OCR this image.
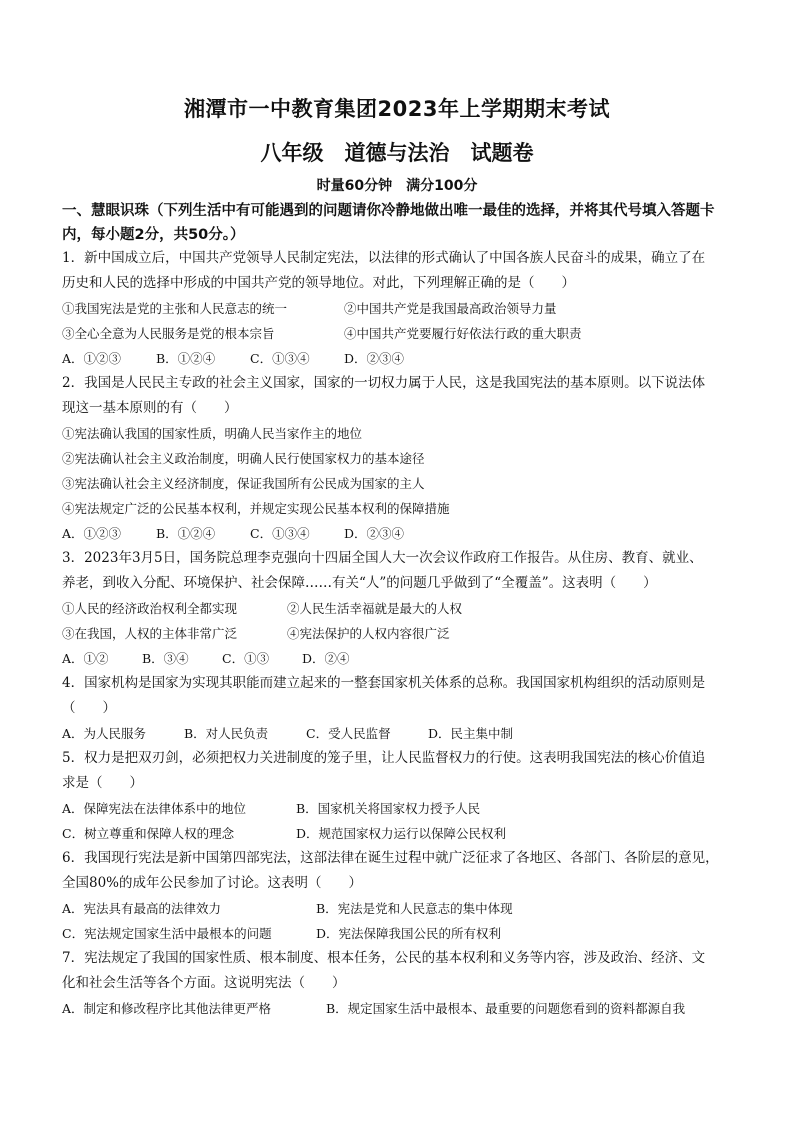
湘潭市一中教育集团2023年上学期期末考试
八年级　道德与法治　试题卷
时量60分钟　满分100分
一、慧眼识珠（下列生活中有可能遇到的问题请你冷静地做出唯一最佳的选择，并将其代号填入答题卡内，每小题2分，共50分。）
1．新中国成立后，中国共产党领导人民制定宪法，以法律的形式确认了中国各族人民奋斗的成果，确立了在
历史和人民的选择中形成的中国共产党的领导地位。对此，下列理解正确的是（　　）
①我国宪法是党的主张和人民意志的统一	②中国共产党是我国最高政治领导力量
③全心全意为人民服务是党的根本宗旨	④中国共产党要履行好依法行政的重大职责
A．①②③	B．①②④	C．①③④	D．②③④
2．我国是人民民主专政的社会主义国家，国家的一切权力属于人民，这是我国宪法的基本原则。以下说法体
现这一基本原则的有（　　）
①宪法确认我国的国家性质，明确人民当家作主的地位
②宪法确认社会主义政治制度，明确人民行使国家权力的基本途径
③宪法确认社会主义经济制度，保证我国所有公民成为国家的主人
④宪法规定广泛的公民基本权利，并规定实现公民基本权利的保障措施
A．①②③	B．①②④	C．①③④	D．②③④
3．2023年3月5日，国务院总理李克强向十四届全国人大一次会议作政府工作报告。从住房、教育、就业、
养老，到收入分配、环境保护、社会保障……有关“人”的问题几乎做到了“全覆盖”。这表明（　　）
①人民的经济政治权利全都实现	②人民生活幸福就是最大的人权
③在我国，人权的主体非常广泛	④宪法保护的人权内容很广泛
A．①②	B．③④	C．①③	D．②④
4．国家机构是国家为实现其职能而建立起来的一整套国家机关体系的总称。我国国家机构组织的活动原则是
（　　）
A．为人民服务	B．对人民负责	C．受人民监督	D．民主集中制
5．权力是把双刃剑，必须把权力关进制度的笼子里，让人民监督权力的行使。这表明我国宪法的核心价值追
求是（　　）
A．保障宪法在法律体系中的地位	B．国家机关将国家权力授予人民
C．树立尊重和保障人权的理念	D．规范国家权力运行以保障公民权利
6．我国现行宪法是新中国第四部宪法，这部法律在诞生过程中就广泛征求了各地区、各部门、各阶层的意见，
全国80%的成年公民参加了讨论。这表明（　　）
A．宪法具有最高的法律效力	B．宪法是党和人民意志的集中体现
C．宪法规定国家生活中最根本的问题	D．宪法保障我国公民的所有权利
7．宪法规定了我国的国家性质、根本制度、根本任务，公民的基本权利和义务等内容，涉及政治、经济、文
化和社会生活等各个方面。这说明宪法（　　）
A．制定和修改程序比其他法律更严格	B．规定国家生活中最根本、最重要的问题您看到的资料都源自我
